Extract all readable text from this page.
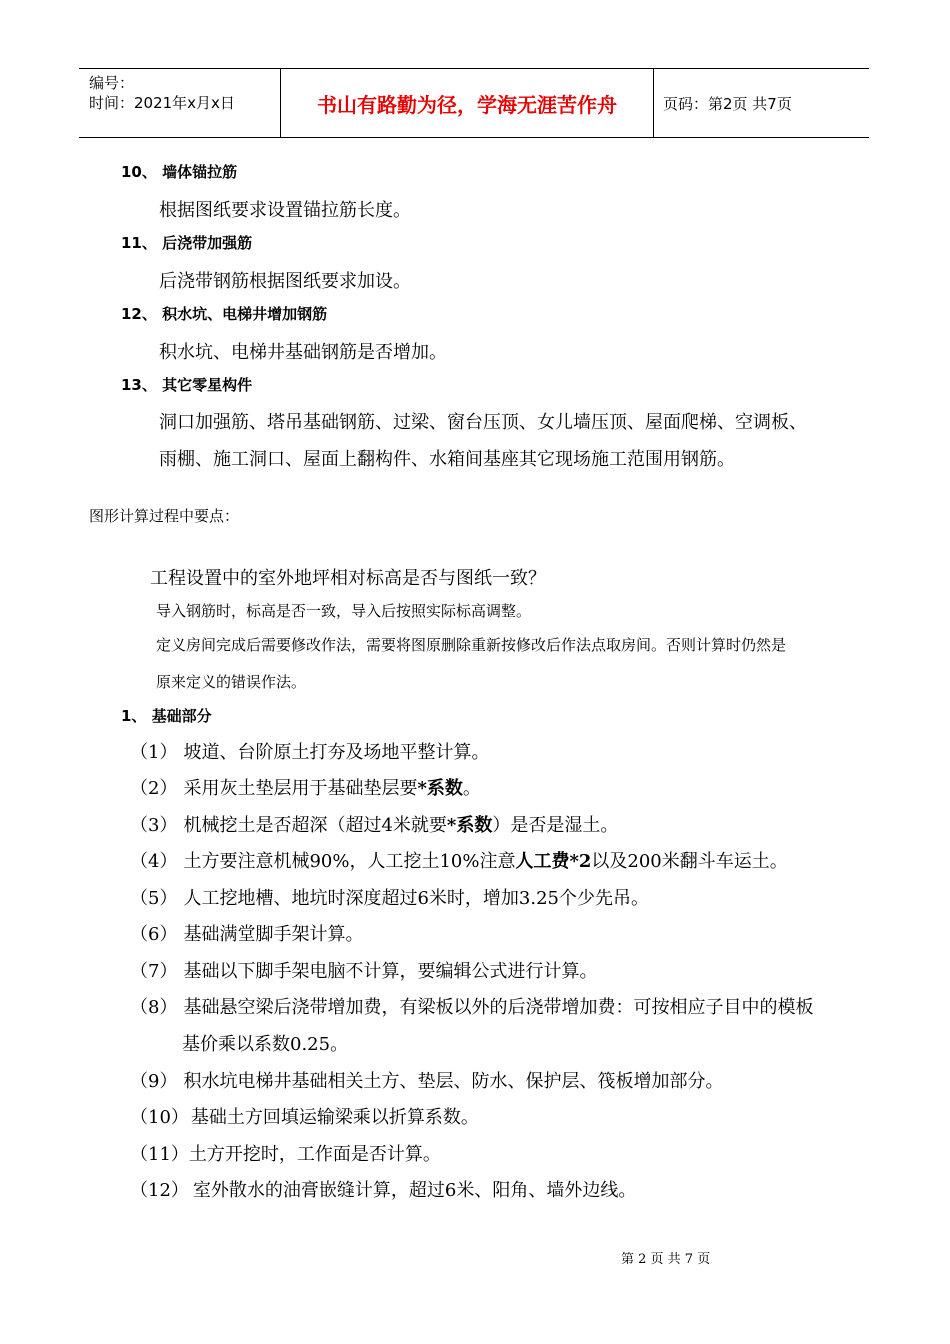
编号：
时间：2021年x月x日	书山有路勤为径，学海无涯苦作舟	页码：第2页 共7页
10、 墙体锚拉筋
根据图纸要求设置锚拉筋长度。
11、 后浇带加强筋
后浇带钢筋根据图纸要求加设。
12、 积水坑、电梯井增加钢筋
积水坑、电梯井基础钢筋是否增加。
13、 其它零星构件
洞口加强筋、塔吊基础钢筋、过梁、窗台压顶、女儿墙压顶、屋面爬梯、空调板、
雨棚、施工洞口、屋面上翻构件、水箱间基座其它现场施工范围用钢筋。
图形计算过程中要点：
工程设置中的室外地坪相对标高是否与图纸一致？
导入钢筋时，标高是否一致，导入后按照实际标高调整。
定义房间完成后需要修改作法，需要将图原删除重新按修改后作法点取房间。否则计算时仍然是
原来定义的错误作法。
1、 基础部分
（1） 坡道、台阶原土打夯及场地平整计算。
（2） 采用灰土垫层用于基础垫层要*系数。
（3） 机械挖土是否超深（超过4米就要*系数）是否是湿土。
（4） 土方要注意机械90%，人工挖土10%注意人工费*2以及200米翻斗车运土。
（5） 人工挖地槽、地坑时深度超过6米时，增加3.25个少先吊。
（6） 基础满堂脚手架计算。
（7） 基础以下脚手架电脑不计算，要编辑公式进行计算。
（8） 基础悬空梁后浇带增加费，有梁板以外的后浇带增加费：可按相应子目中的模板
基价乘以系数0.25。
（9） 积水坑电梯井基础相关土方、垫层、防水、保护层、筏板增加部分。
（10） 基础土方回填运输梁乘以折算系数。
（11）土方开挖时，工作面是否计算。
（12） 室外散水的油膏嵌缝计算，超过6米、阳角、墙外边线。
第 2 页 共 7 页
